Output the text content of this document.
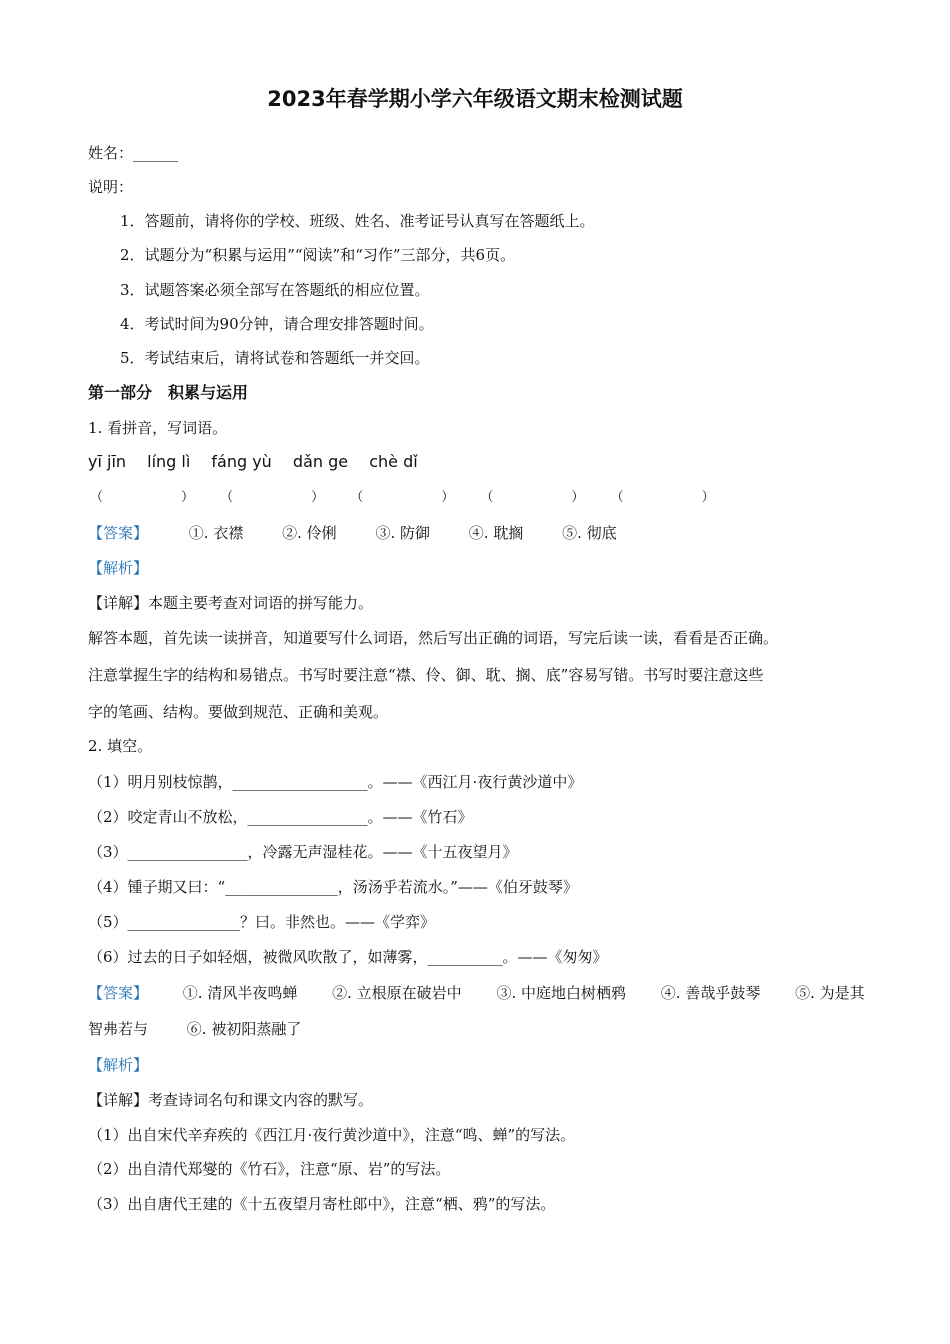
2023年春学期小学六年级语文期末检测试题
姓名：______
说明：
1．答题前，请将你的学校、班级、姓名、准考证号认真写在答题纸上。
2．试题分为“积累与运用”“阅读”和“习作”三部分，共6页。
3．试题答案必须全部写在答题纸的相应位置。
4．考试时间为90分钟，请合理安排答题时间。
5．考试结束后，请将试卷和答题纸一并交回。
第一部分　积累与运用
1. 看拼音，写词语。
yī jīn líng lì fáng yù dǎn ge chè dǐ
（　　　　　　） （　　　　　　） （　　　　　　） （　　　　　　） （　　　　　　）
【答案】	①. 衣襟	②. 伶俐	③. 防御	④. 耽搁	⑤. 彻底
【解析】
【详解】本题主要考查对词语的拼写能力。
解答本题，首先读一读拼音，知道要写什么词语，然后写出正确的词语，写完后读一读，看看是否正确。
注意掌握生字的结构和易错点。书写时要注意“襟、伶、御、耽、搁、底”容易写错。书写时要注意这些
字的笔画、结构。要做到规范、正确和美观。
2. 填空。
（1）明月别枝惊鹊，__________________。——《西江月·夜行黄沙道中》
（2）咬定青山不放松，________________。——《竹石》
（3）________________，冷露无声湿桂花。——《十五夜望月》
（4）锺子期又曰：“_______________，汤汤乎若流水。”——《伯牙鼓琴》
（5）_______________？曰。非然也。——《学弈》
（6）过去的日子如轻烟，被微风吹散了，如薄雾，__________。——《匆匆》
【答案】 ①. 清风半夜鸣蝉 ②. 立根原在破岩中 ③. 中庭地白树栖鸦 ④. 善哉乎鼓琴 ⑤. 为是其
智弗若与	⑥. 被初阳蒸融了
【解析】
【详解】考查诗词名句和课文内容的默写。
（1）出自宋代辛弃疾的《西江月·夜行黄沙道中》，注意“鸣、蝉”的写法。
（2）出自清代郑燮的《竹石》，注意“原、岩”的写法。
（3）出自唐代王建的《十五夜望月寄杜郎中》，注意“栖、鸦”的写法。
